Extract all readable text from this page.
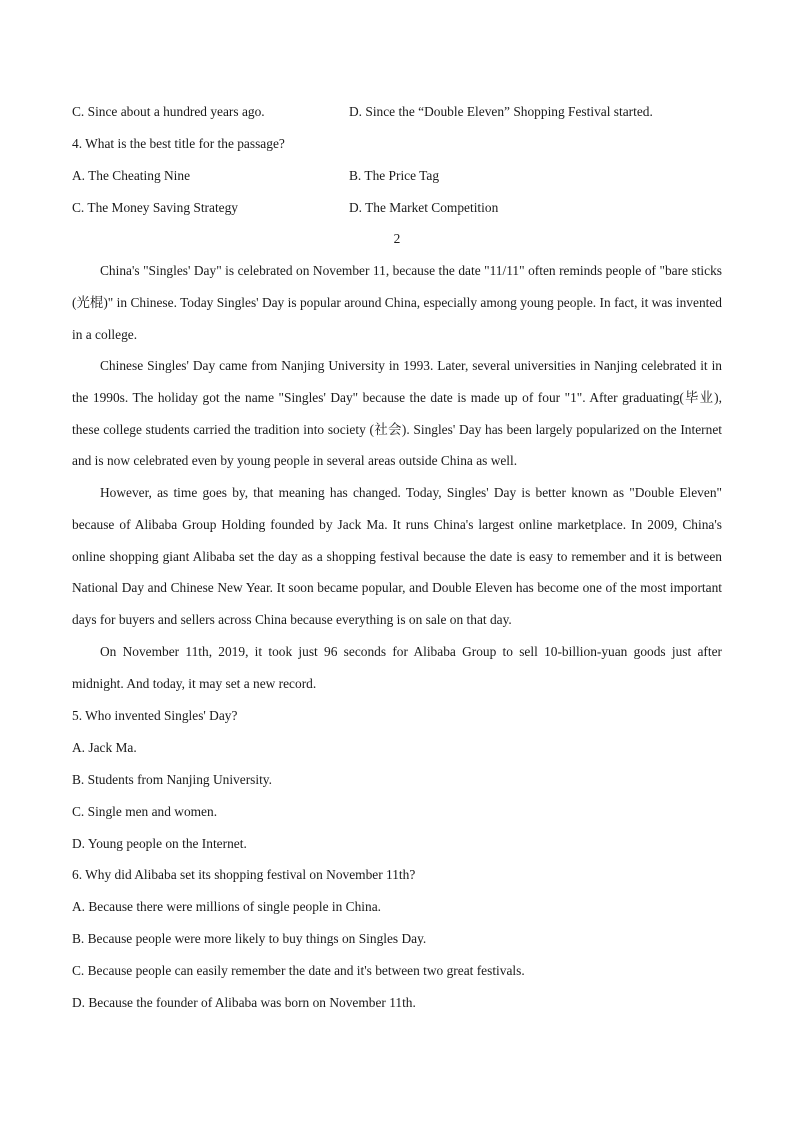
C. Since about a hundred years ago.	D. Since the “Double Eleven” Shopping Festival started.
4. What is the best title for the passage?
A. The Cheating Nine	B. The Price Tag
C. The Money Saving Strategy	D. The Market Competition
2

China's "Singles' Day" is celebrated on November 11, because the date "11/11" often reminds people of "bare sticks (光棍)" in Chinese. Today Singles' Day is popular around China, especially among young people. In fact, it was invented in a college.

Chinese Singles' Day came from Nanjing University in 1993. Later, several universities in Nanjing celebrated it in the 1990s. The holiday got the name "Singles' Day" because the date is made up of four "1". After graduating(毕业), these college students carried the tradition into society (社会). Singles' Day has been largely popularized on the Internet and is now celebrated even by young people in several areas outside China as well.

However, as time goes by, that meaning has changed. Today, Singles' Day is better known as "Double Eleven" because of Alibaba Group Holding founded by Jack Ma. It runs China's largest online marketplace. In 2009, China's online shopping giant Alibaba set the day as a shopping festival because the date is easy to remember and it is between National Day and Chinese New Year. It soon became popular, and Double Eleven has become one of the most important days for buyers and sellers across China because everything is on sale on that day.

On November 11th, 2019, it took just 96 seconds for Alibaba Group to sell 10-billion-yuan goods just after midnight. And today, it may set a new record.

5. Who invented Singles' Day?
A. Jack Ma.
B. Students from Nanjing University.
C. Single men and women.
D. Young people on the Internet.
6. Why did Alibaba set its shopping festival on November 11th?
A. Because there were millions of single people in China.
B. Because people were more likely to buy things on Singles Day.
C. Because people can easily remember the date and it's between two great festivals.
D. Because the founder of Alibaba was born on November 11th.
